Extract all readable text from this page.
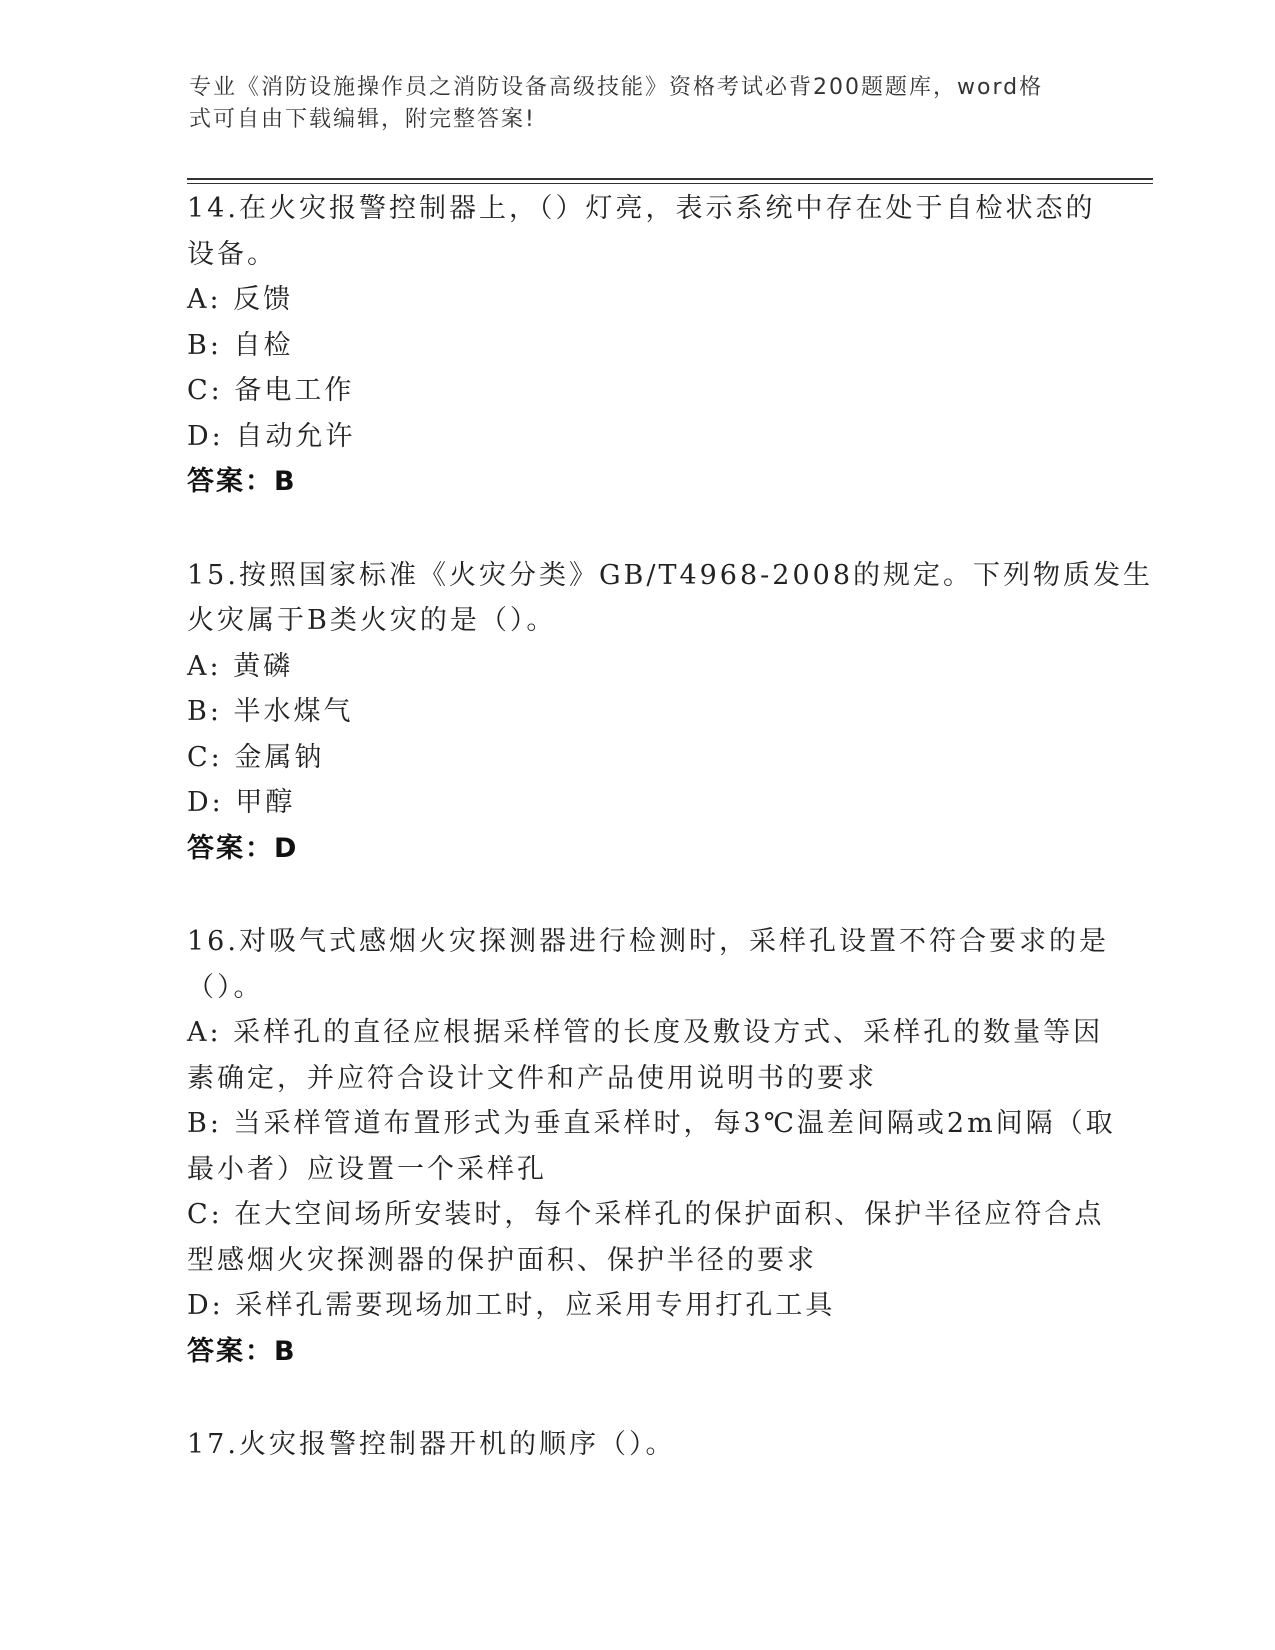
专业《消防设施操作员之消防设备高级技能》资格考试必背200题题库，word格
式可自由下载编辑，附完整答案!
14.在火灾报警控制器上，（）灯亮，表示系统中存在处于自检状态的
设备。
A: 反馈
B: 自检
C: 备电工作
D: 自动允许
答案：B
15.按照国家标准《火灾分类》GB/T4968-2008的规定。下列物质发生
火灾属于B类火灾的是（）。
A: 黄磷
B: 半水煤气
C: 金属钠
D: 甲醇
答案：D
16.对吸气式感烟火灾探测器进行检测时，采样孔设置不符合要求的是
（）。
A: 采样孔的直径应根据采样管的长度及敷设方式、采样孔的数量等因
素确定，并应符合设计文件和产品使用说明书的要求
B: 当采样管道布置形式为垂直采样时，每3℃温差间隔或2m间隔（取
最小者）应设置一个采样孔
C: 在大空间场所安装时，每个采样孔的保护面积、保护半径应符合点
型感烟火灾探测器的保护面积、保护半径的要求
D: 采样孔需要现场加工时，应采用专用打孔工具
答案：B
17.火灾报警控制器开机的顺序（）。
